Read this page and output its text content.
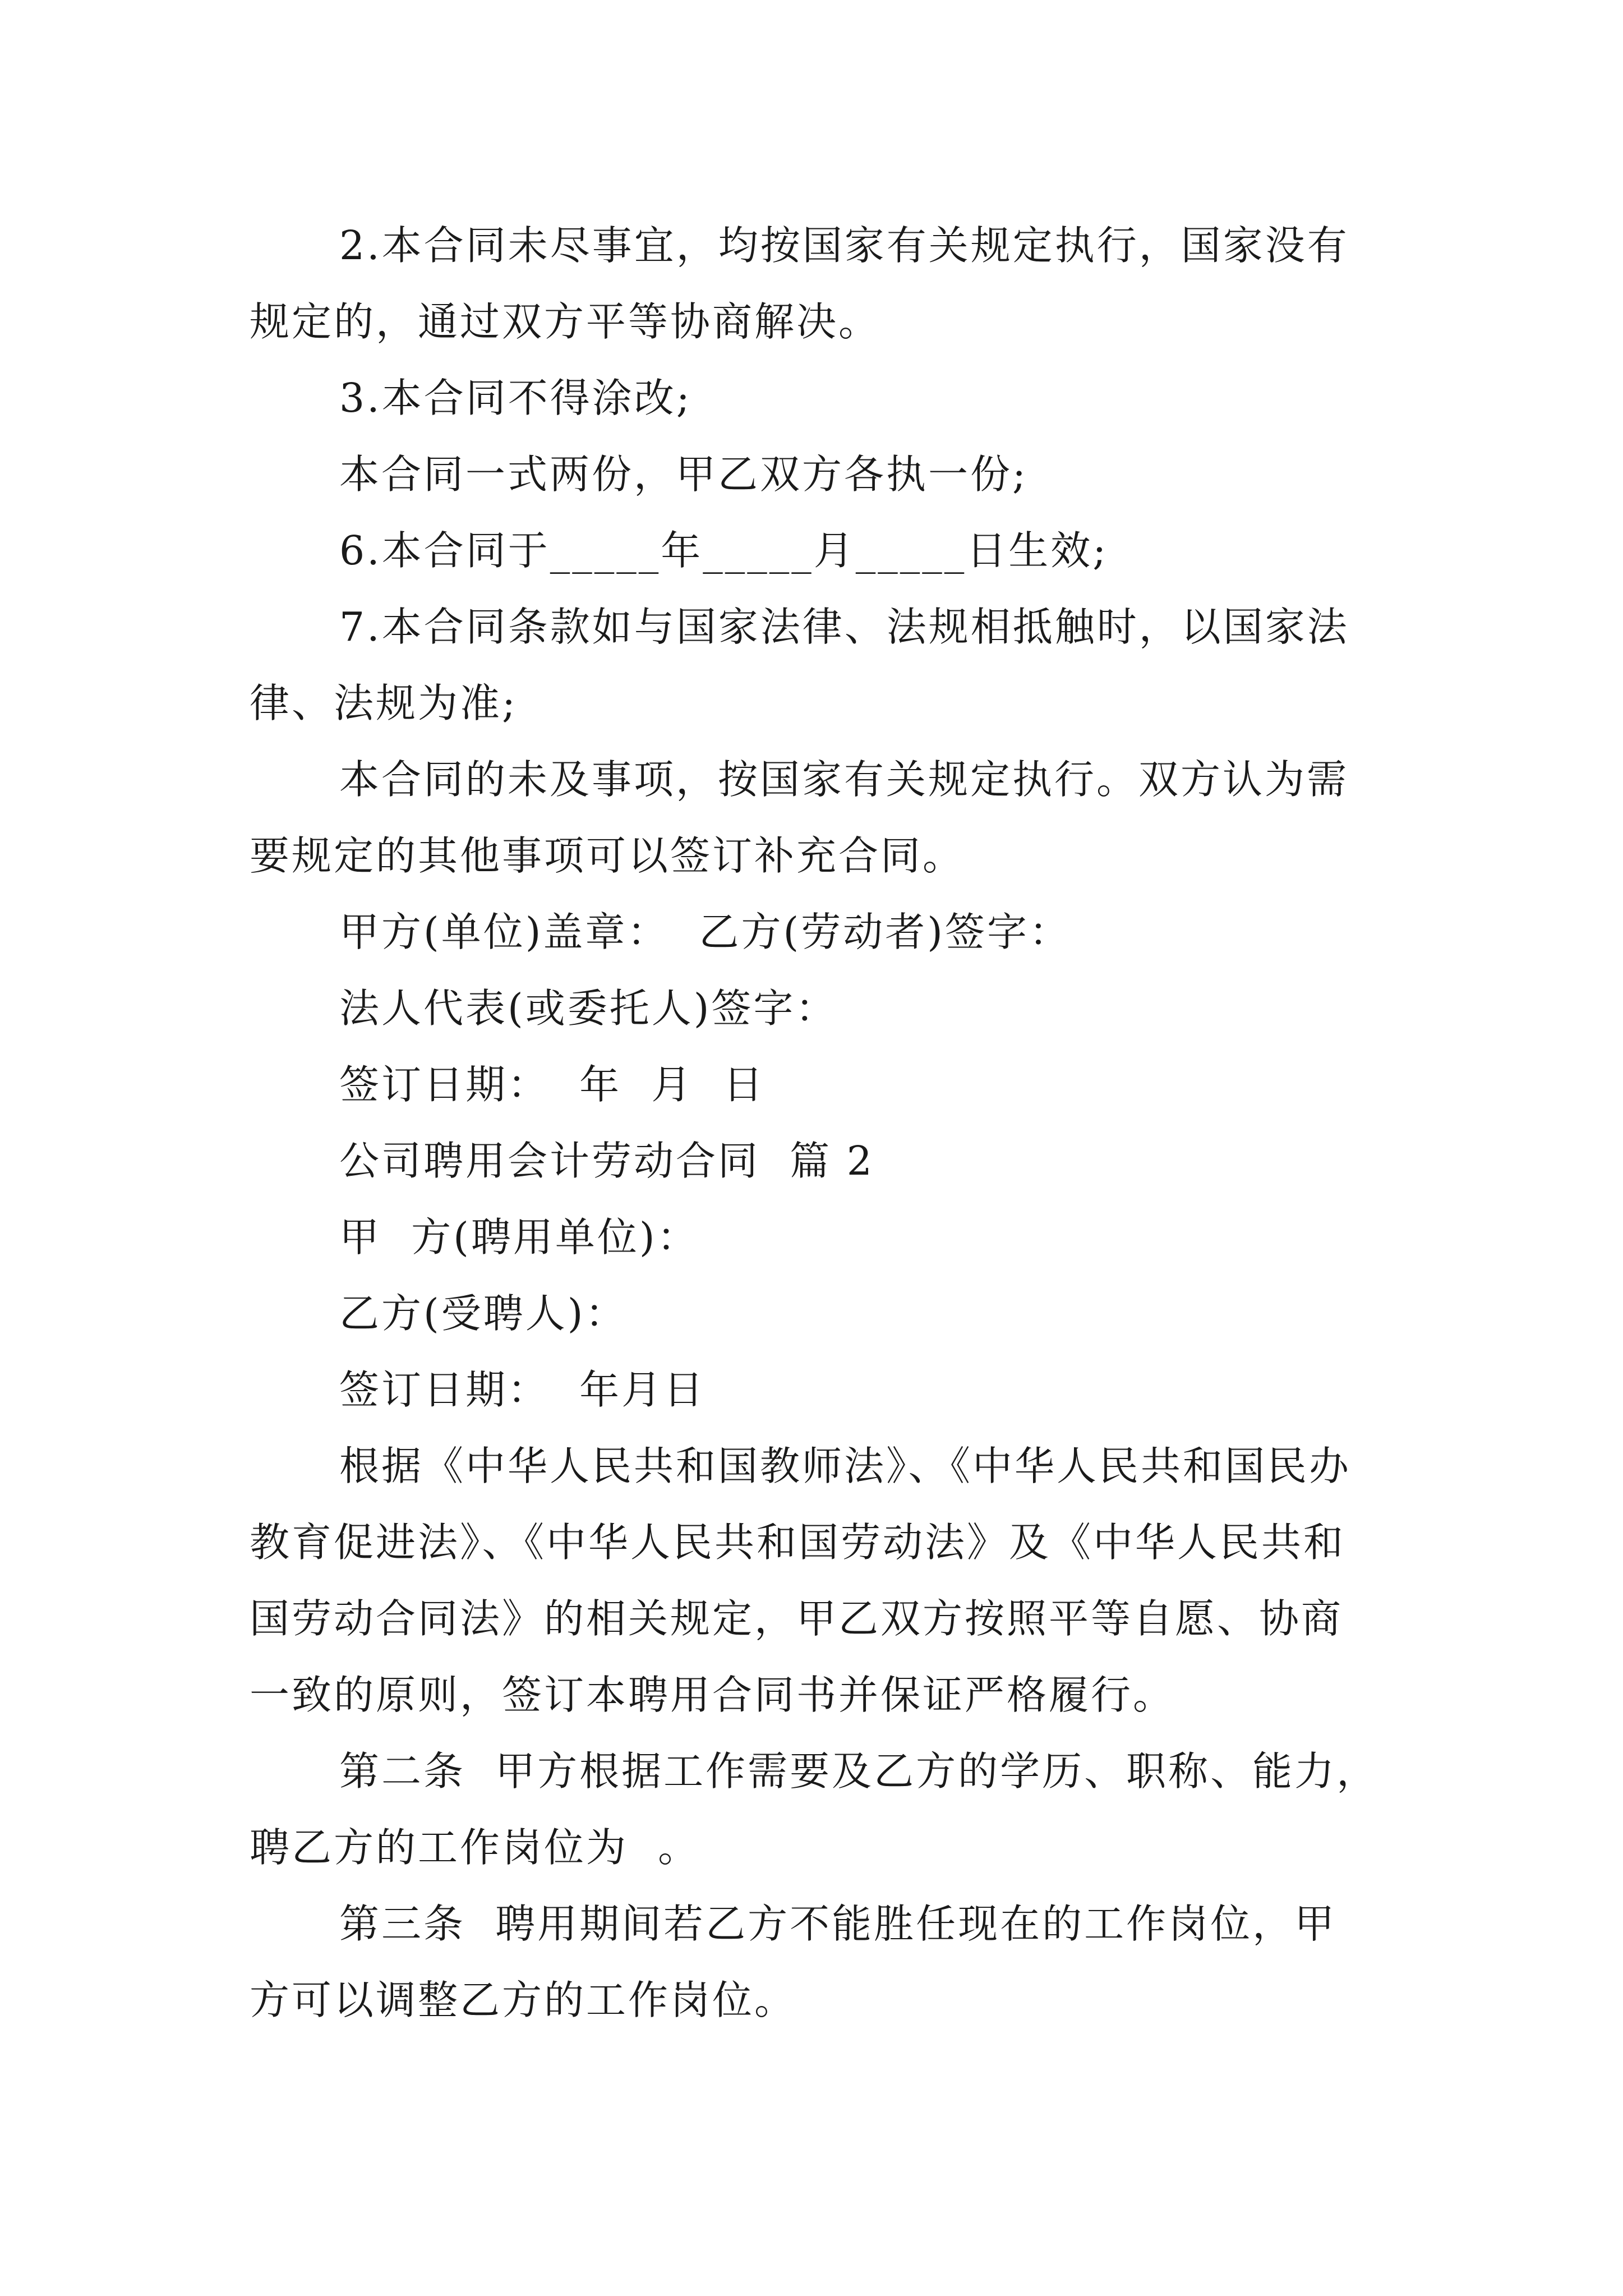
2.本合同未尽事宜，均按国家有关规定执行，国家没有
规定的，通过双方平等协商解决。
3.本合同不得涂改;
本合同一式两份，甲乙双方各执一份;
6.本合同于_____年_____月_____日生效;
7.本合同条款如与国家法律、法规相抵触时，以国家法
律、法规为准;
本合同的未及事项，按国家有关规定执行。双方认为需
要规定的其他事项可以签订补充合同。
甲方(单位)盖章：  乙方(劳动者)签字：
法人代表(或委托人)签字：
签订日期：  年  月  日
公司聘用会计劳动合同  篇 2
甲  方(聘用单位)：
乙方(受聘人)：
签订日期：  年月日
根据《中华人民共和国教师法》、《中华人民共和国民办
教育促进法》、《中华人民共和国劳动法》及《中华人民共和
国劳动合同法》的相关规定，甲乙双方按照平等自愿、协商
一致的原则，签订本聘用合同书并保证严格履行。
第二条  甲方根据工作需要及乙方的学历、职称、能力，
聘乙方的工作岗位为  。
第三条  聘用期间若乙方不能胜任现在的工作岗位，甲
方可以调整乙方的工作岗位。
